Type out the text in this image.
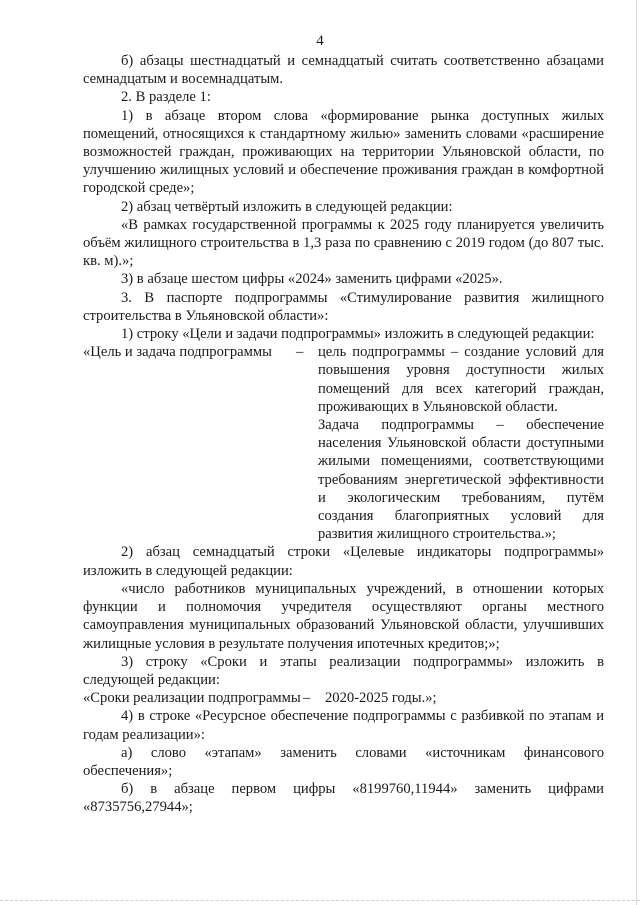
4

б) абзацы шестнадцатый и семнадцатый считать соответственно абзацами семнадцатым и восемнадцатым.

2. В разделе 1:

1) в абзаце втором слова «формирование рынка доступных жилых помещений, относящихся к стандартному жилью» заменить словами «расширение возможностей граждан, проживающих на территории Ульяновской области, по улучшению жилищных условий и обеспечение проживания граждан в комфортной городской среде»;

2) абзац четвёртый изложить в следующей редакции:

«В рамках государственной программы к 2025 году планируется увеличить объём жилищного строительства в 1,3 раза по сравнению с 2019 годом (до 807 тыс. кв. м).»;

3) в абзаце шестом цифры «2024» заменить цифрами «2025».

3. В паспорте подпрограммы «Стимулирование развития жилищного строительства в Ульяновской области»:

1) строку «Цели и задачи подпрограммы» изложить в следующей редакции:

«Цель и задача подпрограммы	–	цель подпрограммы – создание условий для повышения уровня доступности жилых помещений для всех категорий граждан, проживающих в Ульяновской области.

Задача подпрограммы – обеспечение населения Ульяновской области доступными жилыми помещениями, соответствующими требованиям энергетической эффективности и экологическим требованиям, путём создания благоприятных условий для развития жилищного строительства.»;

2) абзац семнадцатый строки «Целевые индикаторы подпрограммы» изложить в следующей редакции:

«число работников муниципальных учреждений, в отношении которых функции и полномочия учредителя осуществляют органы местного самоуправления муниципальных образований Ульяновской области, улучшивших жилищные условия в результате получения ипотечных кредитов;»;

3) строку «Сроки и этапы реализации подпрограммы» изложить в следующей редакции:

«Сроки реализации подпрограммы –	2020-2025 годы.»;

4) в строке «Ресурсное обеспечение подпрограммы с разбивкой по этапам и годам реализации»:

а) слово «этапам» заменить словами «источникам финансового обеспечения»;

б) в абзаце первом цифры «8199760,11944» заменить цифрами «8735756,27944»;
